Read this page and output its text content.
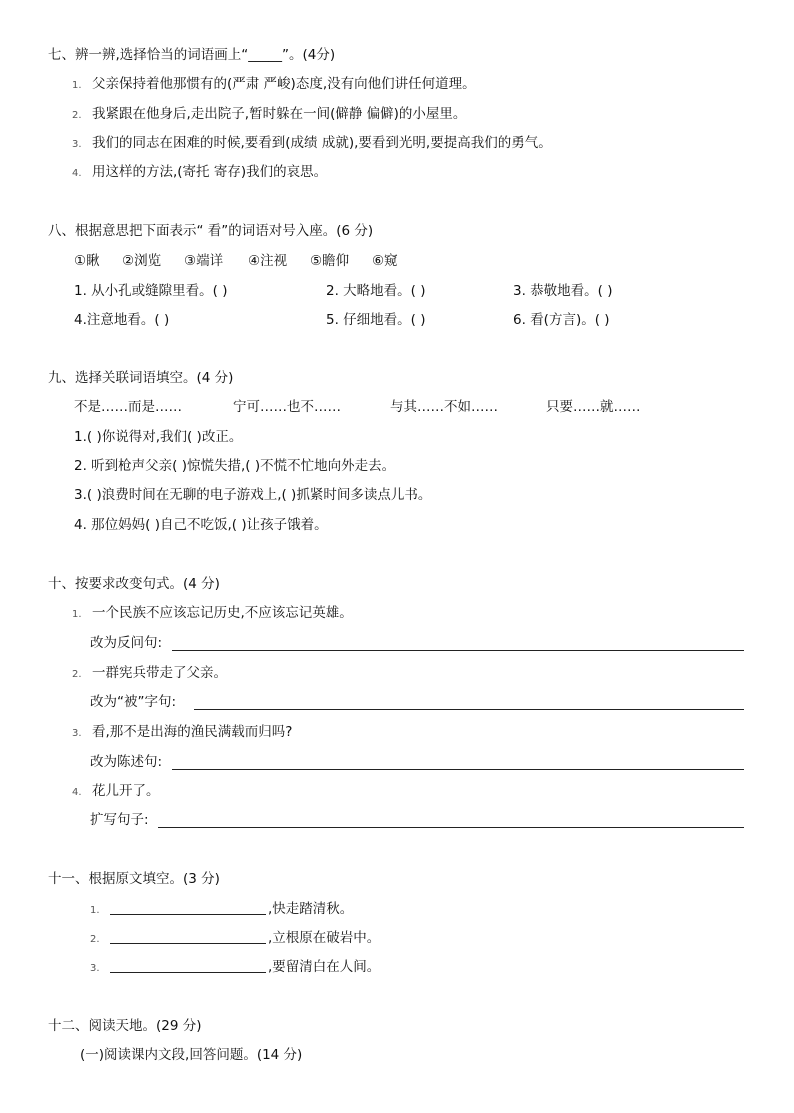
七、辨一辨,选择恰当的词语画上“_____”。(4分)
1. 父亲保持着他那惯有的(严肃 严峻)态度,没有向他们讲任何道理。
2. 我紧跟在他身后,走出院子,暂时躲在一间(僻静 偏僻)的小屋里。
3. 我们的同志在困难的时候,要看到(成绩 成就),要看到光明,要提高我们的勇气。
4. 用这样的方法,(寄托 寄存)我们的哀思。
八、根据意思把下面表示“ 看”的词语对号入座。(6 分)
①瞅 ②浏览 ③端详 ④注视 ⑤瞻仰 ⑥窥
1. 从小孔或缝隙里看。( )	2. 大略地看。( )	3. 恭敬地看。( )
4.注意地看。( )	5. 仔细地看。( )	6. 看(方言)。( )
九、选择关联词语填空。(4 分)
不是……而是……	宁可……也不……	与其……不如……	只要……就……
1.( )你说得对,我们( )改正。
2. 听到枪声父亲( )惊慌失措,( )不慌不忙地向外走去。
3.( )浪费时间在无聊的电子游戏上,( )抓紧时间多读点儿书。
4. 那位妈妈( )自己不吃饭,( )让孩子饿着。
十、按要求改变句式。(4 分)
1. 一个民族不应该忘记历史,不应该忘记英雄。
改为反问句:
2. 一群宪兵带走了父亲。
改为“被”字句:
3. 看,那不是出海的渔民满载而归吗?
改为陈述句:
4. 花儿开了。
扩写句子:
十一、根据原文填空。(3 分)
1.	,快走踏清秋。
2.	,立根原在破岩中。
3.	,要留清白在人间。
十二、阅读天地。(29 分)
(一)阅读课内文段,回答问题。(14 分)
